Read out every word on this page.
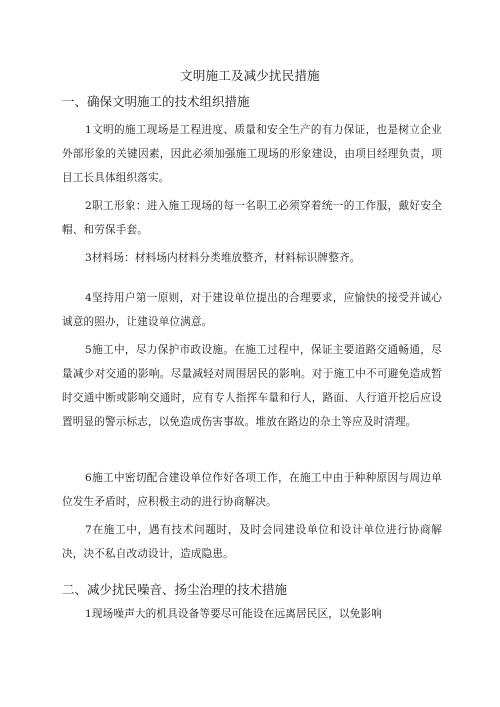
文明施工及减少扰民措施
一、确保文明施工的技术组织措施

1文明的施工现场是工程进度、质量和安全生产的有力保证，也是树立企业外部形象的关键因素，因此必须加强施工现场的形象建设，由项目经理负责，项目工长具体组织落实。

2职工形象：进入施工现场的每一名职工必须穿着统一的工作服，戴好安全帽、和劳保手套。

3材料场：材料场内材料分类堆放整齐，材料标识牌整齐。

4坚持用户第一原则，对于建设单位提出的合理要求，应愉快的接受并诚心诚意的照办，让建设单位满意。

5施工中，尽力保护市政设施。在施工过程中，保证主要道路交通畅通，尽量减少对交通的影响。尽量减轻对周围居民的影响。对于施工中不可避免造成暂时交通中断或影响交通时，应有专人指挥车量和行人，路面、人行道开挖后应设置明显的警示标志，以免造成伤害事故。堆放在路边的杂土等应及时清理。

6施工中密切配合建设单位作好各项工作，在施工中由于种种原因与周边单位发生矛盾时，应积极主动的进行协商解决。

7在施工中，遇有技术问题时，及时会同建设单位和设计单位进行协商解决，决不私自改动设计，造成隐患。

二、减少扰民噪音、扬尘治理的技术措施

1现场噪声大的机具设备等要尽可能设在远离居民区，以免影响
